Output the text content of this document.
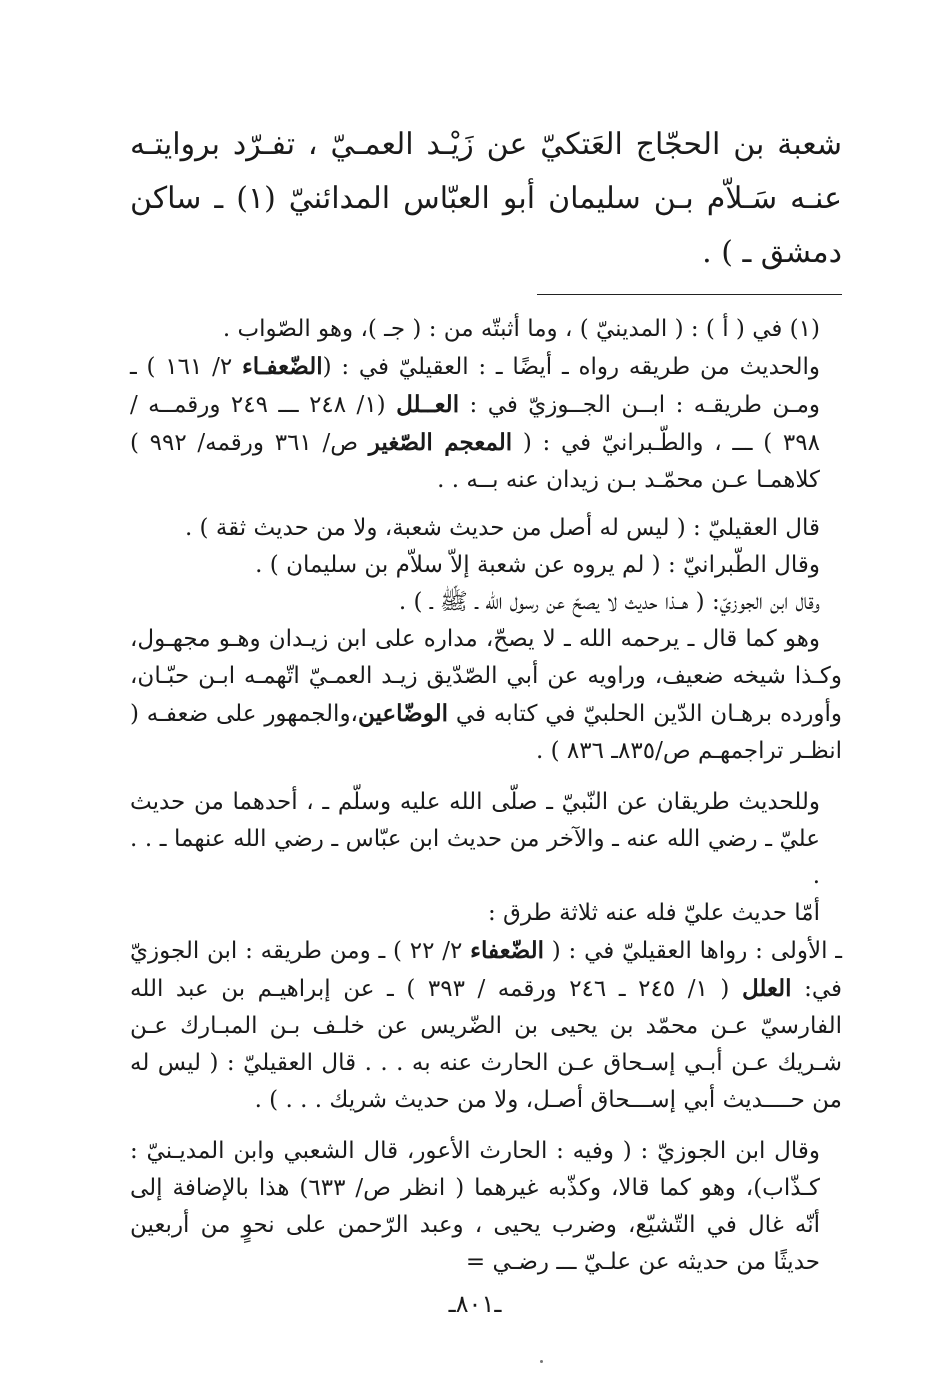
شعبة بن الحجّاج العَتكيّ عن زَيْـد العمـيّ ، تفـرّد بروايتـه عنـه سَـلاّم بـن سليمان أبو العبّاس المدائنيّ (١) ـ ساكن دمشق ـ ) .

(١) في ( أ ) : ( المدينيّ ) ، وما أثبتّه من : ( جـ )، وهو الصّواب .

والحديث من طريقه رواه ـ أيضًا ـ : العقيليّ في : (الضّعفـاء ٢/ ١٦١ ) ـ ومـن طريقـه : ابــن الجــوزيّ في : العــلل (١/ ٢٤٨ ـــ ٢٤٩ ورقمــه / ٣٩٨ ) ـــ ، والطّـبرانيّ في : ( المعجم الصّغير ص/ ٣٦١ ورقمه/ ٩٩٢ ) كلاهمـا عـن محمّـد بـن زيدان عنه بــه . .

قال العقيليّ : ( ليس له أصل من حديث شعبة، ولا من حديث ثقة ) .

وقال الطّبرانيّ : ( لم يروه عن شعبة إلاّ سلاّم بن سليمان ) .

وقال ابن الجوزيّ: ( هــذا حديث لا يصحّ عن رسول الله ـ ﷺ ـ ) .

وهو كما قال ـ يرحمه الله ـ لا يصحّ، مداره على ابن زيـدان وهـو مجهـول، وكـذا شيخه ضعيف، وراويه عن أبي الصّدّيق زيـد العمـيّ اتّهمـه ابـن حبّـان، وأورده برهـان الدّين الحلبيّ في كتابه في الوضّاعين،والجمهور على ضعفـه ( انظـر تراجمهـم ص/٨٣٥ـ ٨٣٦ ) .

وللحديث طريقان عن النّبيّ ـ صلّى الله عليه وسلّم ـ ، أحدهما من حديث عليّ ـ رضي الله عنه ـ والآخر من حديث ابن عبّاس ـ رضي الله عنهما ـ . . .

أمّا حديث عليّ فله عنه ثلاثة طرق :

ـ الأولى : رواها العقيليّ في : ( الضّعفاء ٢/ ٢٢ ) ـ ومن طريقه : ابن الجوزيّ في: العلل ( ١/ ٢٤٥ ـ ٢٤٦ ورقمه / ٣٩٣ ) ـ عن إبراهيـم بن عبد الله الفارسيّ عـن محمّد بن يحيى بن الضّريس عن خلـف بـن المبـارك عـن شـريك عـن أبـي إسـحاق عـن الحارث عنه به . . . قال العقيليّ : ( ليس له من حــــديث أبي إســـحاق أصـل، ولا من حديث شريك . . . ) .

وقال ابن الجوزيّ : ( وفيه : الحارث الأعور، قال الشعبي وابن المديـنيّ : كـذّاب)، وهو كما قالا، وكذّبه غيرهما ( انظر ص/ ٦٣٣) هذا بالإضافة إلى أنّه غال في التّشيّع، وضرب يحيى ، وعبد الرّحمن على نحوٍ من أربعين حديثًا من حديثه عن علـيّ ـــ رضـي =

ـ٨٠١ـ
